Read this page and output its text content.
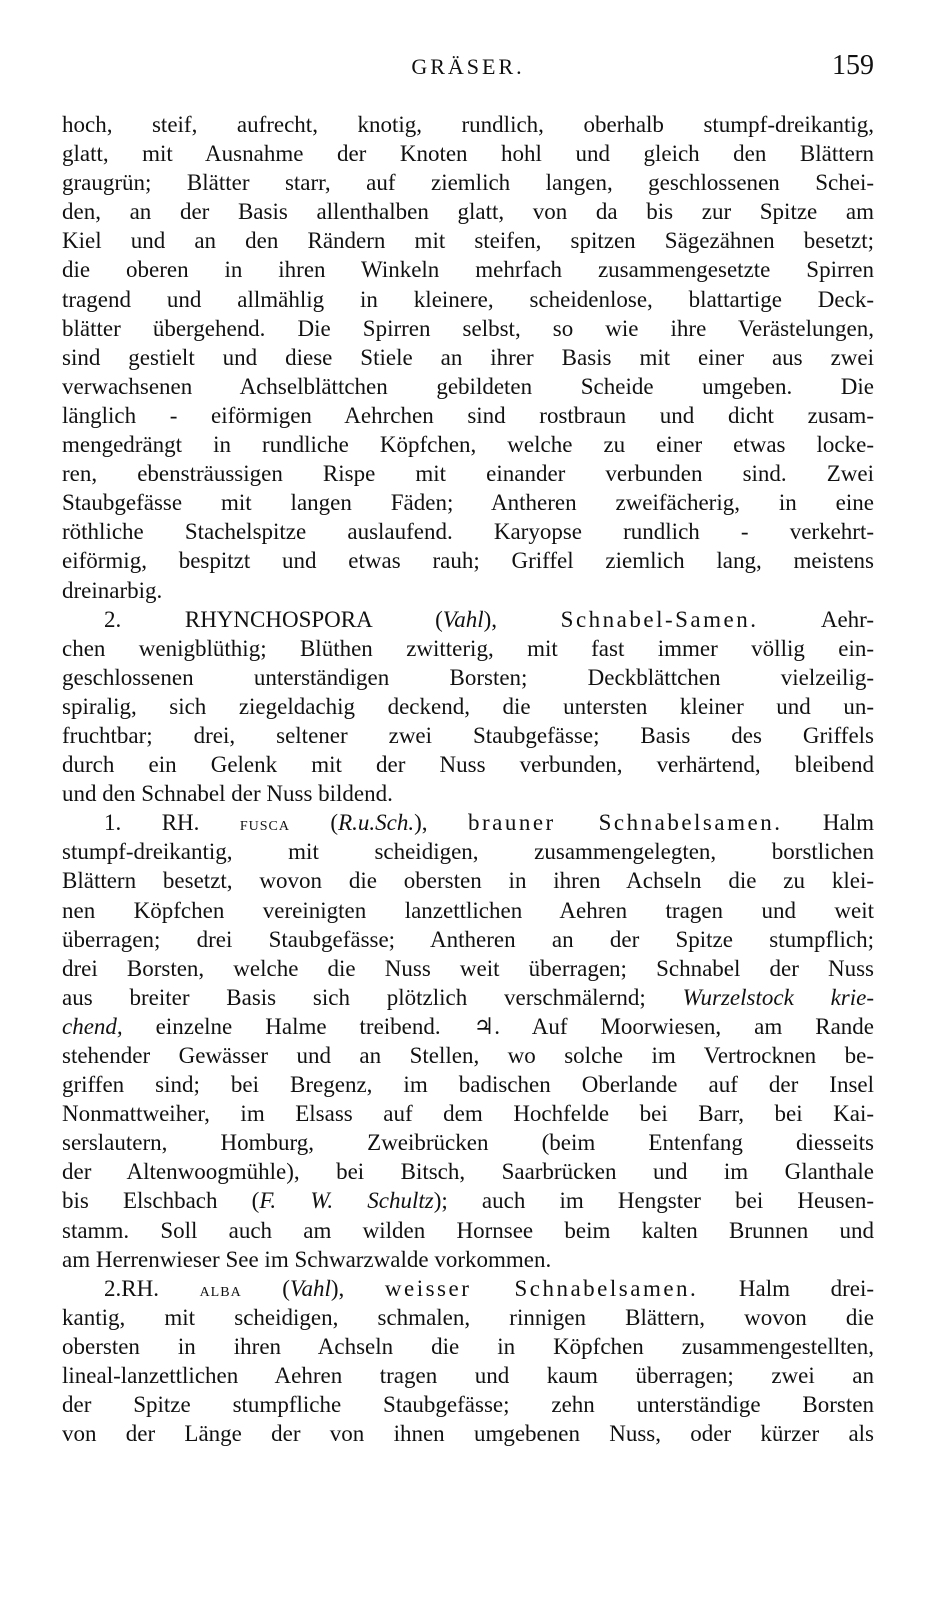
GRÄSER.	159
hoch, steif, aufrecht, knotig, rundlich, oberhalb stumpf-dreikantig,
glatt, mit Ausnahme der Knoten hohl und gleich den Blättern
graugrün; Blätter starr, auf ziemlich langen, geschlossenen Schei-
den, an der Basis allenthalben glatt, von da bis zur Spitze am
Kiel und an den Rändern mit steifen, spitzen Sägezähnen besetzt;
die oberen in ihren Winkeln mehrfach zusammengesetzte Spirren
tragend und allmählig in kleinere, scheidenlose, blattartige Deck-
blätter übergehend. Die Spirren selbst, so wie ihre Verästelungen,
sind gestielt und diese Stiele an ihrer Basis mit einer aus zwei
verwachsenen Achselblättchen gebildeten Scheide umgeben. Die
länglich - eiförmigen Aehrchen sind rostbraun und dicht zusam-
mengedrängt in rundliche Köpfchen, welche zu einer etwas locke-
ren, ebensträussigen Rispe mit einander verbunden sind. Zwei
Staubgefässe mit langen Fäden; Antheren zweifächerig, in eine
röthliche Stachelspitze auslaufend. Karyopse rundlich - verkehrt-
eiförmig, bespitzt und etwas rauh; Griffel ziemlich lang, meistens
dreinarbig.
2.	RHYNCHOSPORA	(Vahl),	Schnabel-Samen.	Aehr-
chen wenigblüthig; Blüthen zwitterig, mit fast immer völlig ein-
geschlossenen unterständigen Borsten; Deckblättchen vielzeilig-
spiralig, sich ziegeldachig deckend, die untersten kleiner und un-
fruchtbar; drei, seltener zwei Staubgefässe; Basis des Griffels
durch ein Gelenk mit der Nuss verbunden, verhärtend, bleibend
und den Schnabel der Nuss bildend.
1. RH. fusca (R.u.Sch.), brauner Schnabelsamen. Halm
stumpf-dreikantig, mit scheidigen, zusammengelegten, borstlichen
Blättern besetzt, wovon die obersten in ihren Achseln die zu klei-
nen Köpfchen vereinigten lanzettlichen Aehren tragen und weit
überragen; drei Staubgefässe; Antheren an der Spitze stumpflich;
drei Borsten, welche die Nuss weit überragen; Schnabel der Nuss
aus breiter Basis sich plötzlich verschmälernd; Wurzelstock krie-
chend, einzelne Halme treibend. ♃. Auf Moorwiesen, am Rande
stehender Gewässer und an Stellen, wo solche im Vertrocknen be-
griffen sind; bei Bregenz, im badischen Oberlande auf der Insel
Nonmattweiher, im Elsass auf dem Hochfelde bei Barr, bei Kai-
serslautern, Homburg, Zweibrücken (beim Entenfang diesseits
der Altenwoogmühle), bei Bitsch, Saarbrücken und im Glanthale
bis Elschbach (F. W. Schultz); auch im Hengster bei Heusen-
stamm. Soll auch am wilden Hornsee beim kalten Brunnen und
am Herrenwieser See im Schwarzwalde vorkommen.
2.RH. alba (Vahl), weisser Schnabelsamen. Halm drei-
kantig, mit scheidigen, schmalen, rinnigen Blättern, wovon die
obersten in ihren Achseln die in Köpfchen zusammengestellten,
lineal-lanzettlichen Aehren tragen und kaum überragen; zwei an
der Spitze stumpfliche Staubgefässe; zehn unterständige Borsten
von der Länge der von ihnen umgebenen Nuss, oder kürzer als
